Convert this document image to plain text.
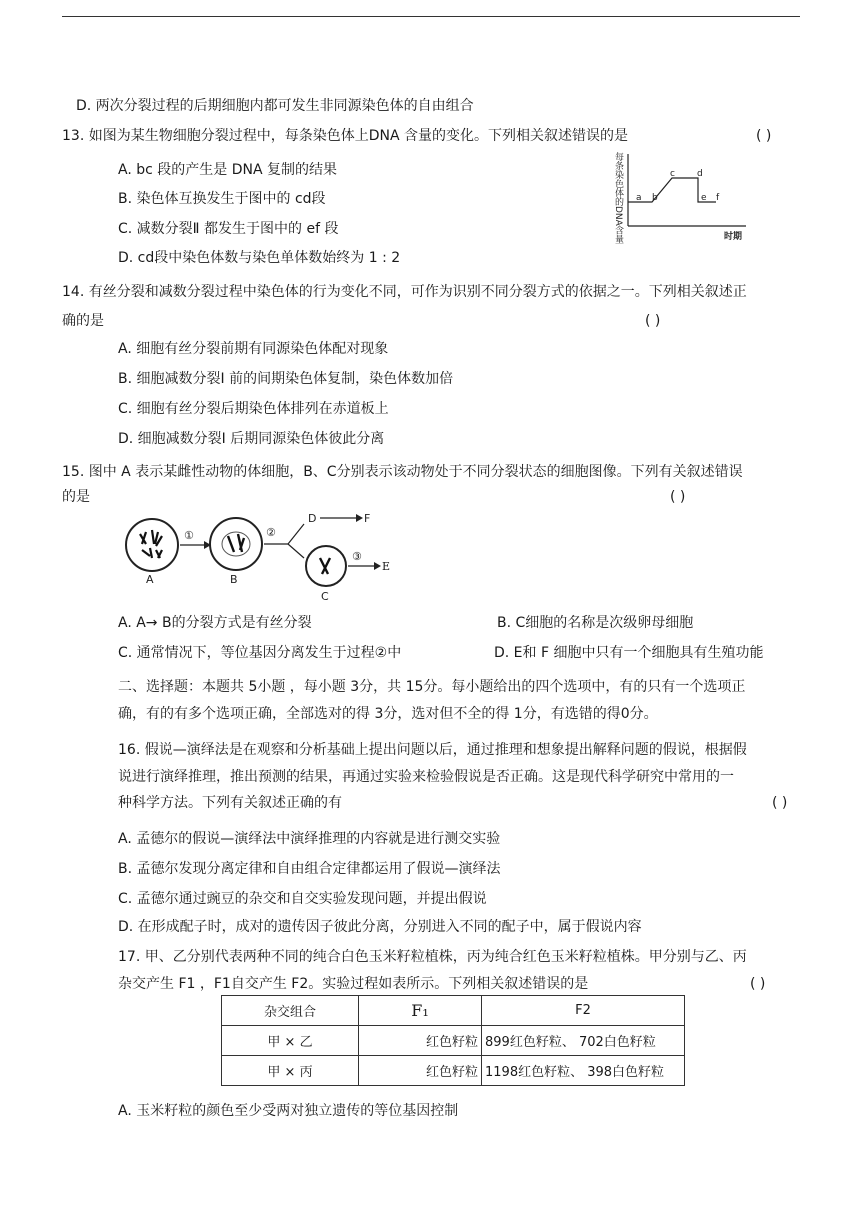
D. 两次分裂过程的后期细胞内都可发生非同源染色体的自由组合
13. 如图为某生物细胞分裂过程中，每条染色体上DNA 含量的变化。下列相关叙述错误的是	( )
A. bc 段的产生是 DNA 复制的结果
B. 染色体互换发生于图中的 cd段
C. 减数分裂Ⅱ 都发生于图中的 ef 段
D. cd段中染色体数与染色单体数始终为 1 : 2
每条染色体的DNA含量 a b
c d
e f
时期
14. 有丝分裂和减数分裂过程中染色体的行为变化不同，可作为识别不同分裂方式的依据之一。下列相关叙述正
确的是	( )
A. 细胞有丝分裂前期有同源染色体配对现象
B. 细胞减数分裂Ⅰ 前的间期染色体复制，染色体数加倍
C. 细胞有丝分裂后期染色体排列在赤道板上
D. 细胞减数分裂Ⅰ 后期同源染色体彼此分离
15. 图中 A 表示某雌性动物的体细胞，B、C分别表示该动物处于不同分裂状态的细胞图像。下列有关叙述错误
的是	( )
A
①
B
②
D	F
C
③
E
A. A→ B的分裂方式是有丝分裂	B. C细胞的名称是次级卵母细胞
C. 通常情况下，等位基因分离发生于过程②中	D. E和 F 细胞中只有一个细胞具有生殖功能
二、选择题：本题共 5小题 ，每小题 3分，共 15分。每小题给出的四个选项中，有的只有一个选项正
确，有的有多个选项正确，全部选对的得 3分，选对但不全的得 1分，有选错的得0分。
16. 假说—演绎法是在观察和分析基础上提出问题以后，通过推理和想象提出解释问题的假说，根据假
说进行演绎推理，推出预测的结果，再通过实验来检验假说是否正确。这是现代科学研究中常用的一
种科学方法。下列有关叙述正确的有	( )
A. 孟德尔的假说—演绎法中演绎推理的内容就是进行测交实验
B. 孟德尔发现分离定律和自由组合定律都运用了假说—演绎法
C. 孟德尔通过豌豆的杂交和自交实验发现问题，并提出假说
D. 在形成配子时，成对的遗传因子彼此分离，分别进入不同的配子中，属于假说内容
17. 甲、乙分别代表两种不同的纯合白色玉米籽粒植株，丙为纯合红色玉米籽粒植株。甲分别与乙、丙
杂交产生 F1 ，F1自交产生 F2。实验过程如表所示。下列相关叙述错误的是	( )
杂交组合	F₁	F2
甲 × 乙	红色籽粒	899红色籽粒、 702白色籽粒
甲 × 丙	红色籽粒	1198红色籽粒、 398白色籽粒
A. 玉米籽粒的颜色至少受两对独立遗传的等位基因控制
